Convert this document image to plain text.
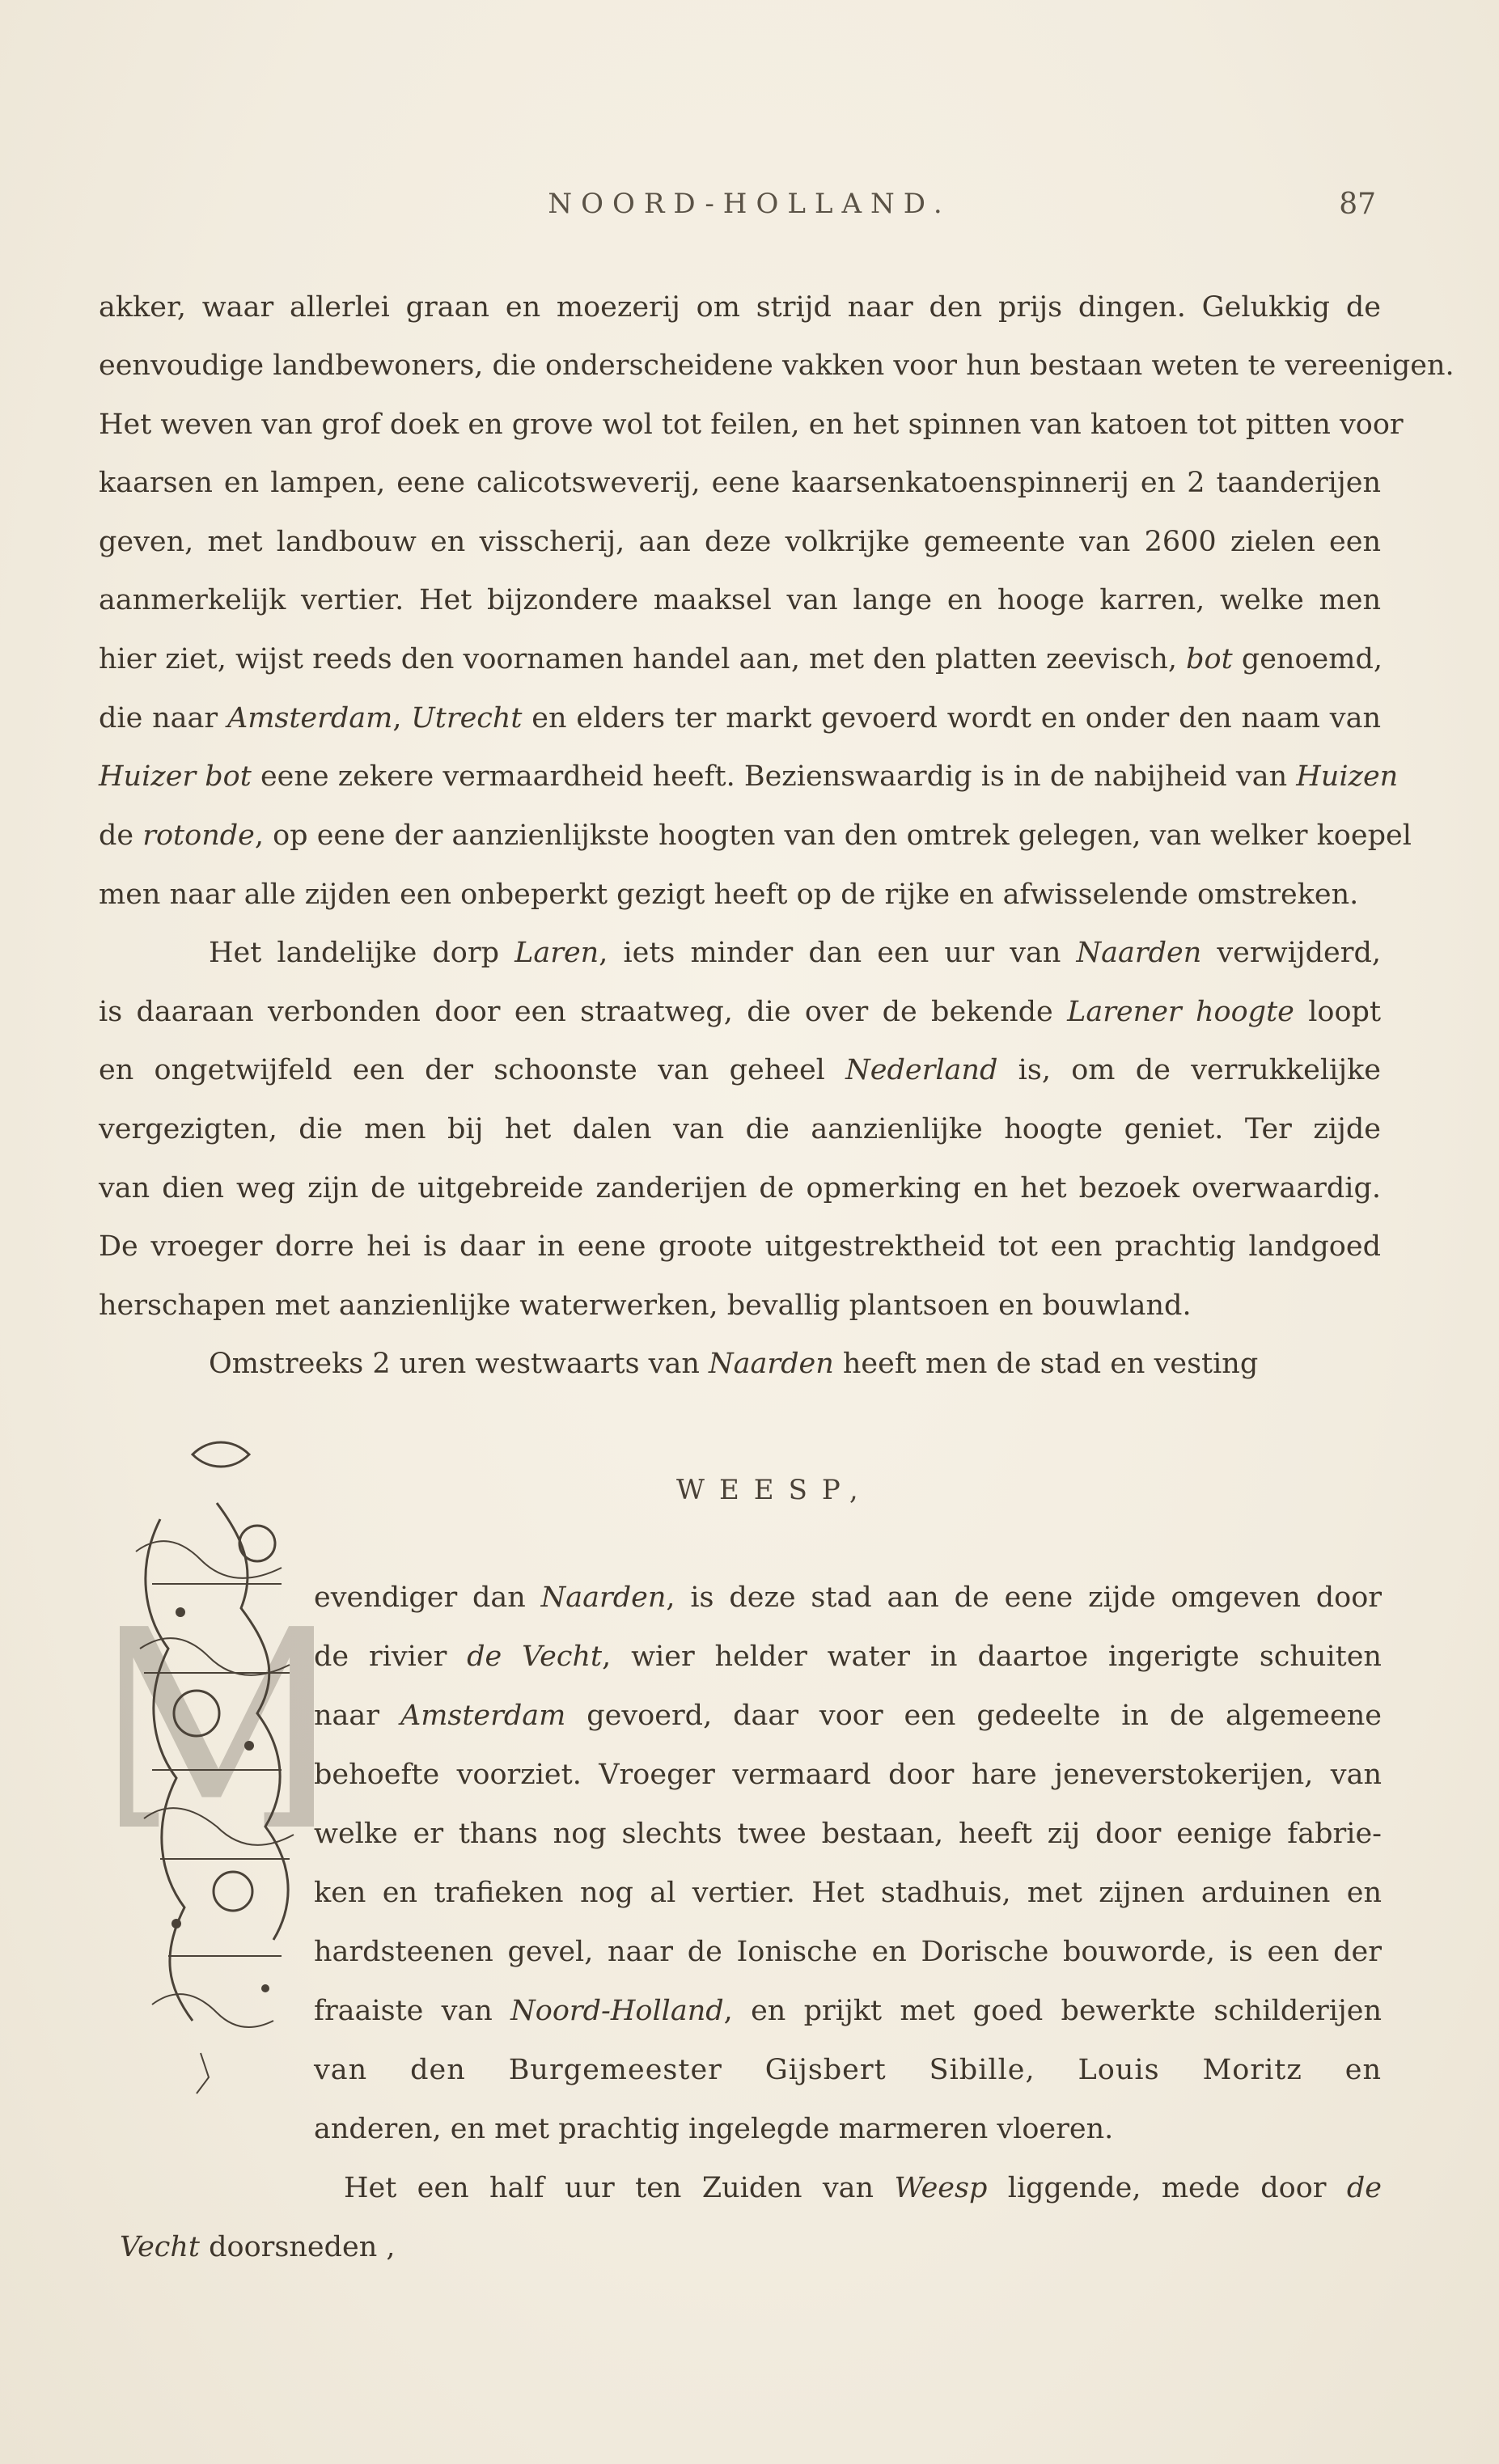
NOORD-HOLLAND.	87
akker, waar allerlei graan en moezerij om strijd naar den prijs dingen. Gelukkig de
eenvoudige landbewoners, die onderscheidene vakken voor hun bestaan weten te vereenigen.
Het weven van grof doek en grove wol tot feilen, en het spinnen van katoen tot pitten voor
kaarsen en lampen, eene calicotsweverij, eene kaarsenkatoenspinnerij en 2 taanderijen
geven, met landbouw en visscherij, aan deze volkrijke gemeente van 2600 zielen een
aanmerkelijk vertier. Het bijzondere maaksel van lange en hooge karren, welke men
hier ziet, wijst reeds den voornamen handel aan, met den platten zeevisch, bot genoemd,
die naar Amsterdam, Utrecht en elders ter markt gevoerd wordt en onder den naam van
Huizer bot eene zekere vermaardheid heeft. Bezienswaardig is in de nabijheid van Huizen
de rotonde, op eene der aanzienlijkste hoogten van den omtrek gelegen, van welker koepel
men naar alle zijden een onbeperkt gezigt heeft op de rijke en afwisselende omstreken.
Het landelijke dorp Laren, iets minder dan een uur van Naarden verwijderd,
is daaraan verbonden door een straatweg, die over de bekende Larener hoogte loopt
en ongetwijfeld een der schoonste van geheel Nederland is, om de verrukkelijke
vergezigten, die men bij het dalen van die aanzienlijke hoogte geniet. Ter zijde
van dien weg zijn de uitgebreide zanderijen de opmerking en het bezoek overwaardig.
De vroeger dorre hei is daar in eene groote uitgestrektheid tot een prachtig landgoed
herschapen met aanzienlijke waterwerken, bevallig plantsoen en bouwland.
Omstreeks 2 uren westwaarts van Naarden heeft men de stad en vesting
WEESP,
M
evendiger dan Naarden, is deze stad aan de eene zijde omgeven door
de rivier de Vecht, wier helder water in daartoe ingerigte schuiten
naar Amsterdam gevoerd, daar voor een gedeelte in de algemeene
behoefte voorziet. Vroeger vermaard door hare jeneverstokerijen, van
welke er thans nog slechts twee bestaan, heeft zij door eenige fabrie-
ken en trafieken nog al vertier. Het stadhuis, met zijnen arduinen en
hardsteenen gevel, naar de Ionische en Dorische bouworde, is een der
fraaiste van Noord-Holland, en prijkt met goed bewerkte schilderijen
van den Burgemeester Gijsbert Sibille, Louis Moritz en
anderen, en met prachtig ingelegde marmeren vloeren.
Het een half uur ten Zuiden van Weesp liggende, mede door de
Vecht doorsneden ,
